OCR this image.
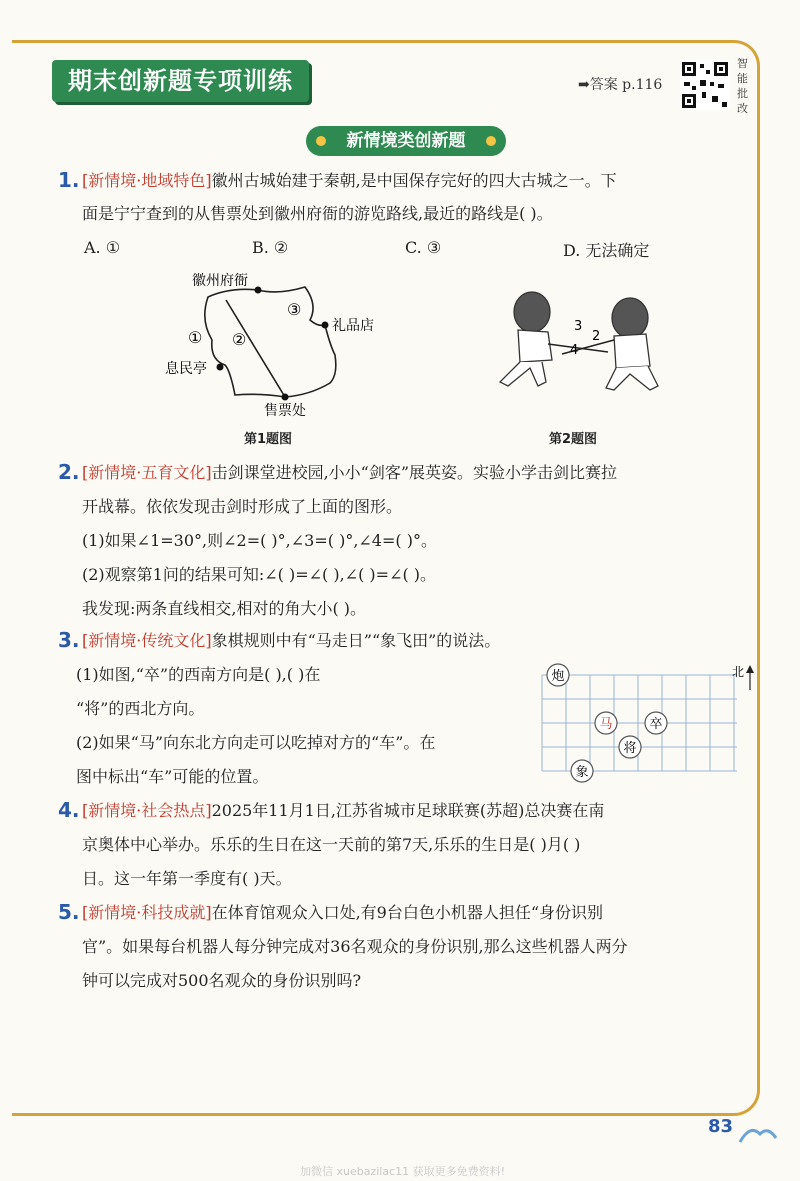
期末创新题专项训练	➡答案 p.116
智能批改
新情境类创新题
1. [新情境·地域特色]徽州古城始建于秦朝,是中国保存完好的四大古城之一。下
面是宁宁查到的从售票处到徽州府衙的游览路线,最近的路线是( )。
A. ①	B. ②	C. ③	D. 无法确定
徽州府衙
礼品店
息民亭
售票处
① ②
③
第1题图
3
2
4
第2题图
2. [新情境·五育文化]击剑课堂进校园,小小“剑客”展英姿。实验小学击剑比赛拉
开战幕。依依发现击剑时形成了上面的图形。
(1)如果∠1=30°,则∠2=( )°,∠3=( )°,∠4=( )°。
(2)观察第1问的结果可知:∠( )=∠( ),∠( )=∠( )。
我发现:两条直线相交,相对的角大小( )。
3. [新情境·传统文化]象棋规则中有“马走日”“象飞田”的说法。
(1)如图,“卒”的西南方向是( ),( )在
“将”的西北方向。
(2)如果“马”向东北方向走可以吃掉对方的“车”。在
图中标出“车”可能的位置。
炮
马	卒
将
象
北
4. [新情境·社会热点]2025年11月1日,江苏省城市足球联赛(苏超)总决赛在南
京奥体中心举办。乐乐的生日在这一天前的第7天,乐乐的生日是( )月( )
日。这一年第一季度有( )天。
5. [新情境·科技成就]在体育馆观众入口处,有9台白色小机器人担任“身份识别
官”。如果每台机器人每分钟完成对36名观众的身份识别,那么这些机器人两分
钟可以完成对500名观众的身份识别吗?
83
加微信 xuebazilac11 获取更多免费资料!
